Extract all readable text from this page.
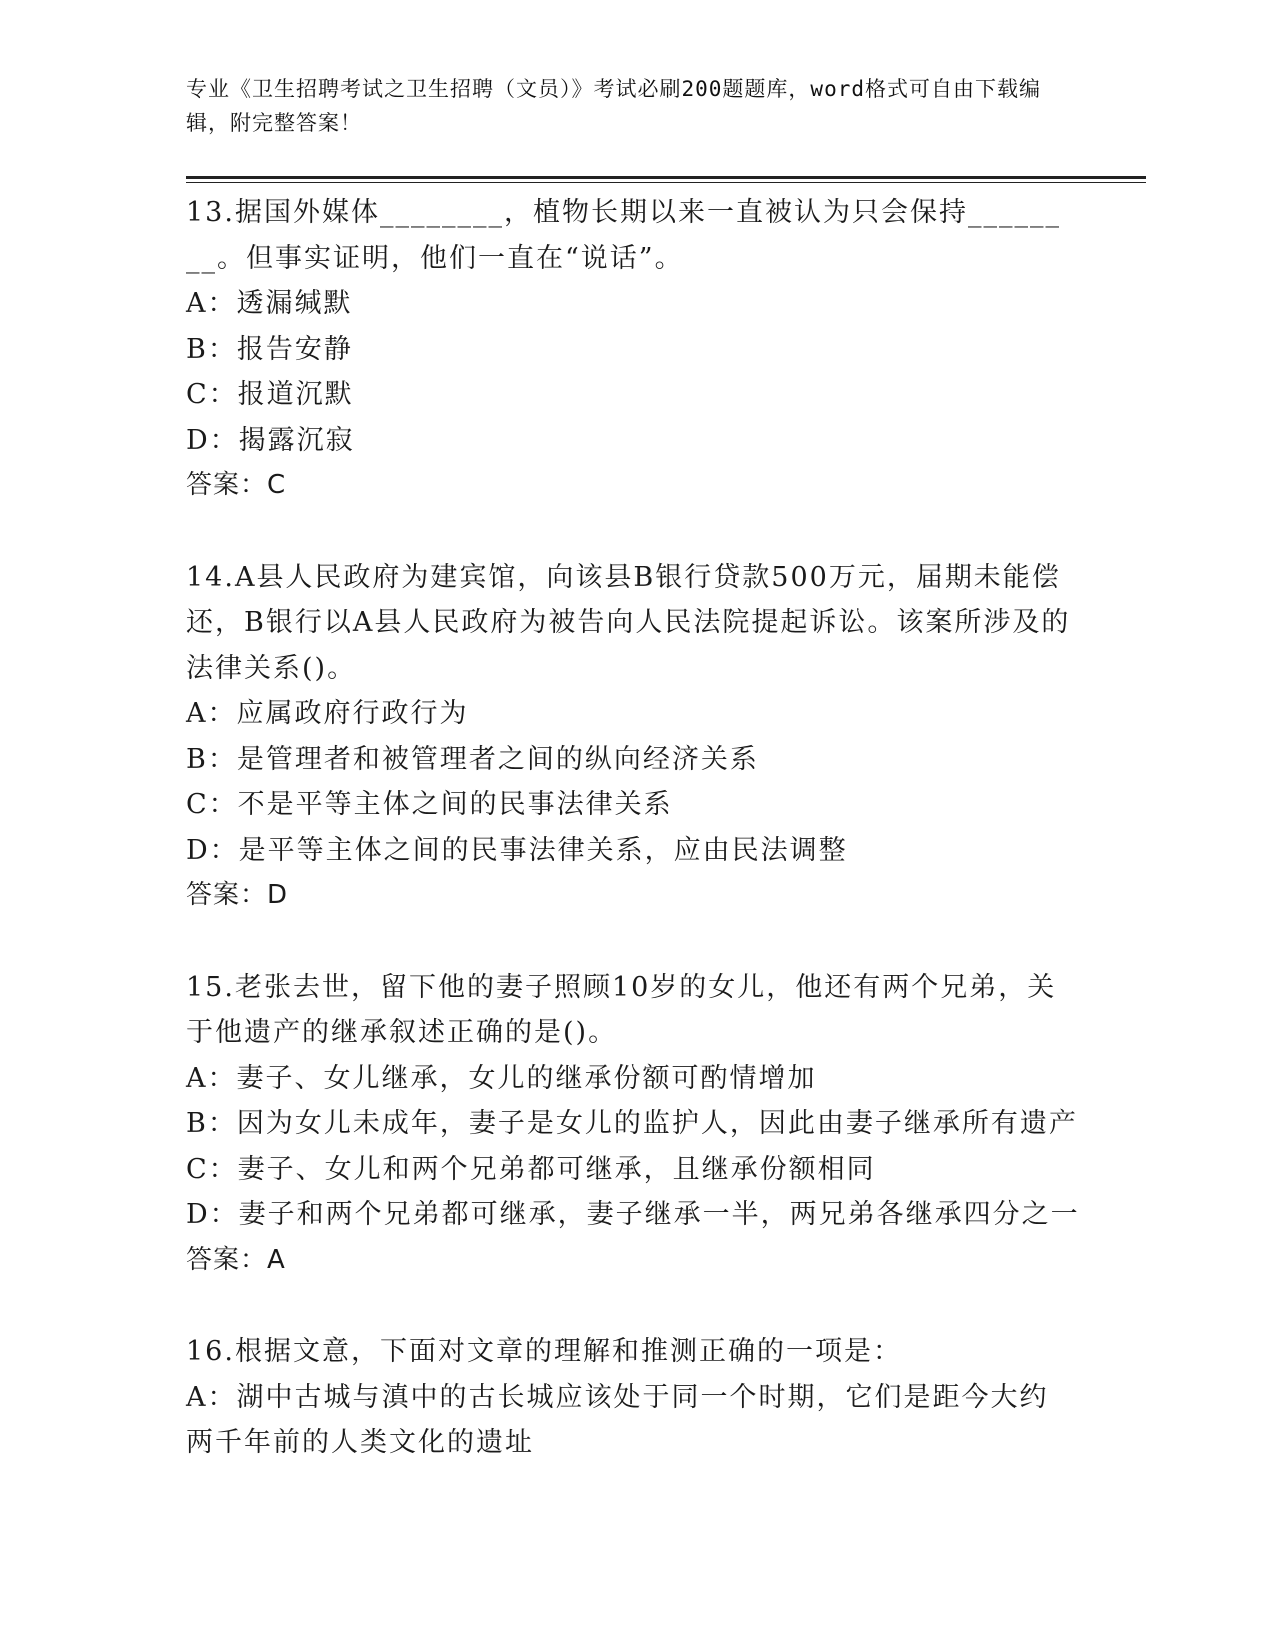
专业《卫生招聘考试之卫生招聘（文员）》考试必刷200题题库，word格式可自由下载编辑，附完整答案！
13.据国外媒体________，植物长期以来一直被认为只会保持________。但事实证明，他们一直在“说话”。
A：透漏缄默
B：报告安静
C：报道沉默
D：揭露沉寂
答案：C
14.A县人民政府为建宾馆，向该县B银行贷款500万元，届期未能偿还，B银行以A县人民政府为被告向人民法院提起诉讼。该案所涉及的法律关系()。
A：应属政府行政行为
B：是管理者和被管理者之间的纵向经济关系
C：不是平等主体之间的民事法律关系
D：是平等主体之间的民事法律关系，应由民法调整
答案：D
15.老张去世，留下他的妻子照顾10岁的女儿，他还有两个兄弟，关于他遗产的继承叙述正确的是()。
A：妻子、女儿继承，女儿的继承份额可酌情增加
B：因为女儿未成年，妻子是女儿的监护人，因此由妻子继承所有遗产
C：妻子、女儿和两个兄弟都可继承，且继承份额相同
D：妻子和两个兄弟都可继承，妻子继承一半，两兄弟各继承四分之一
答案：A
16.根据文意，下面对文章的理解和推测正确的一项是：
A：湖中古城与滇中的古长城应该处于同一个时期，它们是距今大约两千年前的人类文化的遗址
